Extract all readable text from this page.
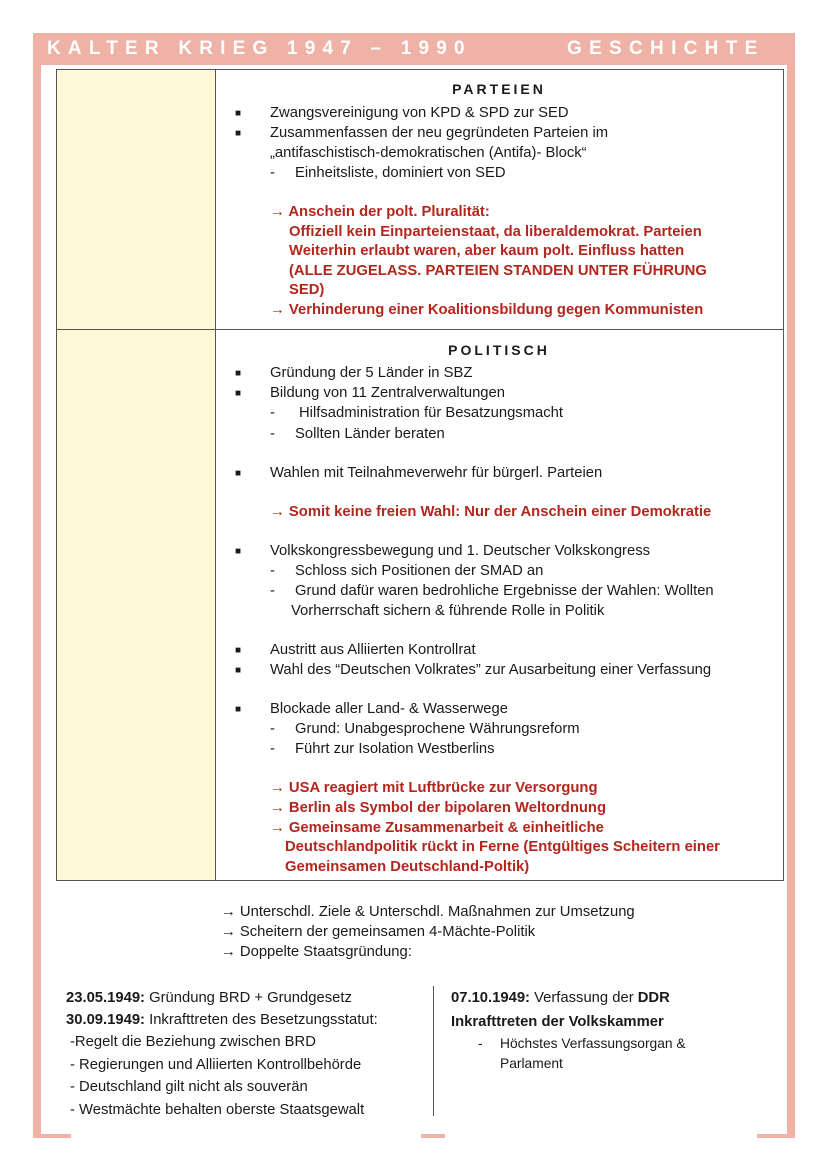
KALTER KRIEG 1947 – 1990	GESCHICHTE
PARTEIEN
■ Zwangsvereinigung von KPD & SPD zur SED
■ Zusammenfassen der neu gegründeten Parteien im
„antifaschistisch-demokratischen (Antifa)- Block“
- Einheitsliste, dominiert von SED
→ Anschein der polt. Pluralität:
Offiziell kein Einparteienstaat, da liberaldemokrat. Parteien
Weiterhin erlaubt waren, aber kaum polt. Einfluss hatten
(ALLE ZUGELASS. PARTEIEN STANDEN UNTER FÜHRUNG
SED)
→ Verhinderung einer Koalitionsbildung gegen Kommunisten
POLITISCH
■ Gründung der 5 Länder in SBZ
■ Bildung von 11 Zentralverwaltungen
- Hilfsadministration für Besatzungsmacht
- Sollten Länder beraten
■ Wahlen mit Teilnahmeverwehr für bürgerl. Parteien
→ Somit keine freien Wahl: Nur der Anschein einer Demokratie
■ Volkskongressbewegung und 1. Deutscher Volkskongress
- Schloss sich Positionen der SMAD an
- Grund dafür waren bedrohliche Ergebnisse der Wahlen: Wollten
Vorherrschaft sichern & führende Rolle in Politik
■ Austritt aus Alliierten Kontrollrat
■ Wahl des “Deutschen Volkrates” zur Ausarbeitung einer Verfassung
■ Blockade aller Land- & Wasserwege
- Grund: Unabgesprochene Währungsreform
- Führt zur Isolation Westberlins
→ USA reagiert mit Luftbrücke zur Versorgung
→ Berlin als Symbol der bipolaren Weltordnung
→ Gemeinsame Zusammenarbeit & einheitliche
Deutschlandpolitik rückt in Ferne (Entgültiges Scheitern einer
Gemeinsamen Deutschland-Poltik)
→ Unterschdl. Ziele & Unterschdl. Maßnahmen zur Umsetzung
→ Scheitern der gemeinsamen 4-Mächte-Politik
→ Doppelte Staatsgründung:
23.05.1949: Gründung BRD + Grundgesetz
30.09.1949: Inkrafttreten des Besetzungsstatut:
-Regelt die Beziehung zwischen BRD
- Regierungen und Alliierten Kontrollbehörde
- Deutschland gilt nicht als souverän
- Westmächte behalten oberste Staatsgewalt
07.10.1949: Verfassung der DDR
Inkrafttreten der Volkskammer
- Höchstes Verfassungsorgan &
Parlament
